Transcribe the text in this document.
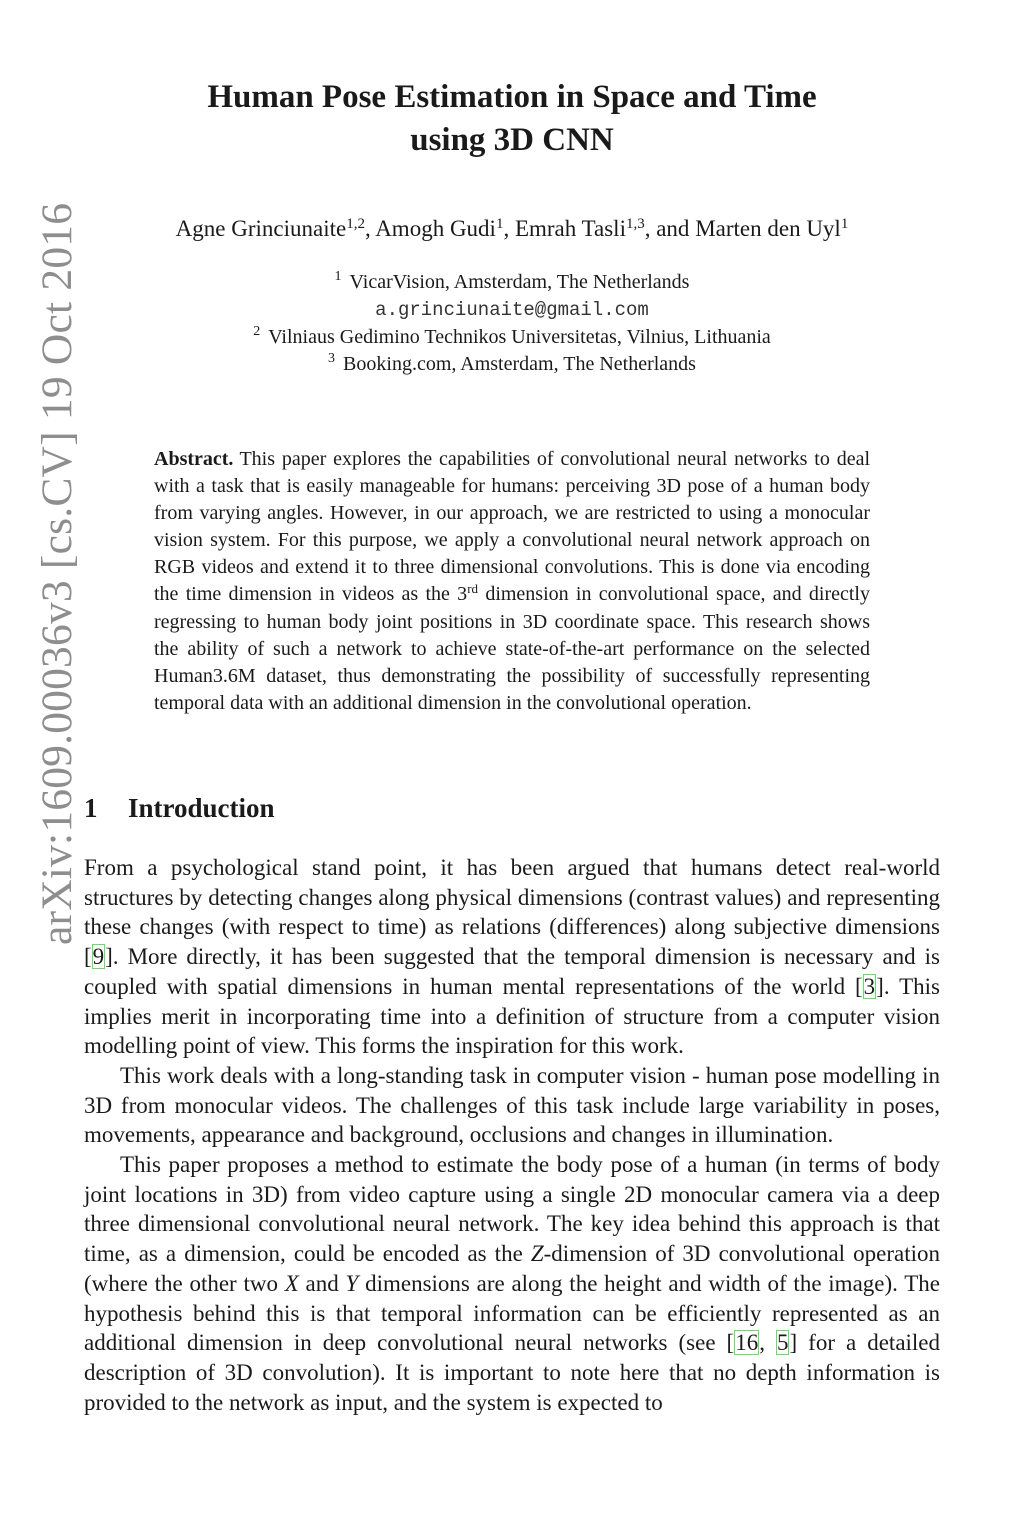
arXiv:1609.00036v3 [cs.CV] 19 Oct 2016
Human Pose Estimation in Space and Time
using 3D CNN
Agne Grinciunaite$^{1,2}$, Amogh Gudi$^1$, Emrah Tasli$^{1,3}$, and Marten den Uyl$^1$
$^1$ VicarVision, Amsterdam, The Netherlands
a.grinciunaite@gmail.com
$^2$ Vilniaus Gedimino Technikos Universitetas, Vilnius, Lithuania
$^3$ Booking.com, Amsterdam, The Netherlands
Abstract. This paper explores the capabilities of convolutional neural networks to deal with a task that is easily manageable for humans: perceiving 3D pose of a human body from varying angles. However, in our approach, we are restricted to using a monocular vision system. For this purpose, we apply a convolutional neural network approach on RGB videos and extend it to three dimensional convolutions. This is done via encoding the time dimension in videos as the 3rd dimension in convolutional space, and directly regressing to human body joint positions in 3D coordinate space. This research shows the ability of such a network to achieve state-of-the-art performance on the selected Human3.6M dataset, thus demonstrating the possibility of successfully representing temporal data with an additional dimension in the convolutional operation.
1 Introduction

From a psychological stand point, it has been argued that humans detect real-world structures by detecting changes along physical dimensions (contrast values) and representing these changes (with respect to time) as relations (differences) along subjective dimensions [9]. More directly, it has been suggested that the temporal dimension is necessary and is coupled with spatial dimensions in human mental representations of the world [3]. This implies merit in incorporating time into a definition of structure from a computer vision modelling point of view. This forms the inspiration for this work.

This work deals with a long-standing task in computer vision - human pose modelling in 3D from monocular videos. The challenges of this task include large variability in poses, movements, appearance and background, occlusions and changes in illumination.

This paper proposes a method to estimate the body pose of a human (in terms of body joint locations in 3D) from video capture using a single 2D monocular camera via a deep three dimensional convolutional neural network. The key idea behind this approach is that time, as a dimension, could be encoded as the Z-dimension of 3D convolutional operation (where the other two X and Y dimensions are along the height and width of the image). The hypothesis behind this is that temporal information can be efficiently represented as an additional dimension in deep convolutional neural networks (see [16, 5] for a detailed description of 3D convolution). It is important to note here that no depth information is provided to the network as input, and the system is expected to
